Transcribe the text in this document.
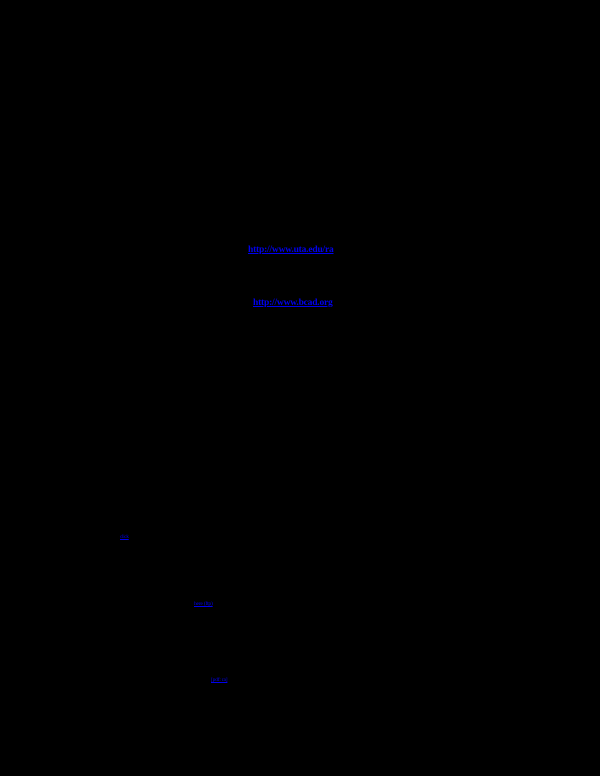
http://www.uta.edu/ra
http://www.bcad.org
click
here (ftp)
[pdf: ra]
